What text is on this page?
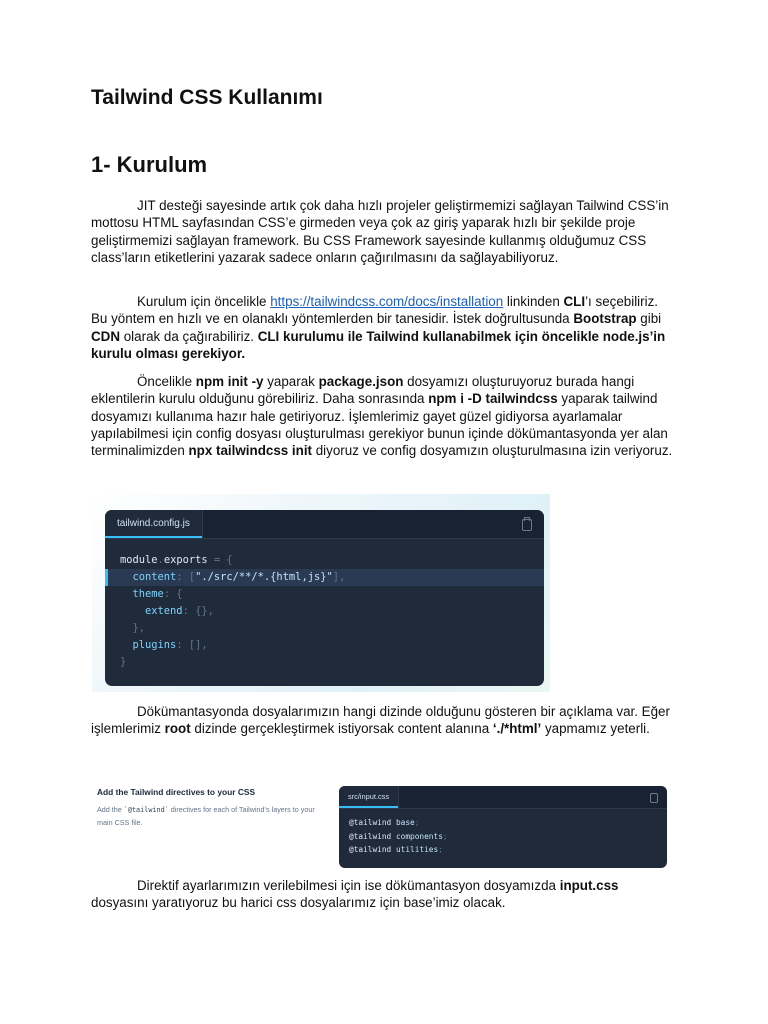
Tailwind CSS Kullanımı
1- Kurulum

JIT desteği sayesinde artık çok daha hızlı projeler geliştirmemizi sağlayan Tailwind CSS’in mottosu HTML sayfasından CSS’e girmeden veya çok az giriş yaparak hızlı bir şekilde proje geliştirmemizi sağlayan framework. Bu CSS Framework sayesinde kullanmış olduğumuz CSS class’ların etiketlerini yazarak sadece onların çağırılmasını da sağlayabiliyoruz.

Kurulum için öncelikle https://tailwindcss.com/docs/installation linkinden CLI’ı seçebiliriz. Bu yöntem en hızlı ve en olanaklı yöntemlerden bir tanesidir. İstek doğrultusunda Bootstrap gibi CDN olarak da çağırabiliriz. CLI kurulumu ile Tailwind kullanabilmek için öncelikle node.js’in kurulu olması gerekiyor.

Öncelikle npm init -y yaparak package.json dosyamızı oluşturuyoruz burada hangi eklentilerin kurulu olduğunu görebiliriz. Daha sonrasında npm i -D tailwindcss yaparak tailwind dosyamızı kullanıma hazır hale getiriyoruz. İşlemlerimiz gayet güzel gidiyorsa ayarlamalar yapılabilmesi için config dosyası oluşturulması gerekiyor bunun içinde dökümantasyonda yer alan terminalimizden npx tailwindcss init diyoruz ve config dosyamızın oluşturulmasına izin veriyoruz.

tailwind.config.js
module.exports = {
content: ["./src/**/*.{html,js}"],
theme: {
extend: {},
},
plugins: [],
}

Dökümantasyonda dosyalarımızın hangi dizinde olduğunu gösteren bir açıklama var. Eğer işlemlerimiz root dizinde gerçekleştirmek istiyorsak content alanına ‘./*html’ yapmamız yeterli.

Add the Tailwind directives to your CSS
Add the `@tailwind` directives for each of Tailwind’s layers to your main CSS file.
src/input.css
@tailwind base;
@tailwind components;
@tailwind utilities;

Direktif ayarlarımızın verilebilmesi için ise dökümantasyon dosyamızda input.css dosyasını yaratıyoruz bu harici css dosyalarımız için base’imiz olacak.
